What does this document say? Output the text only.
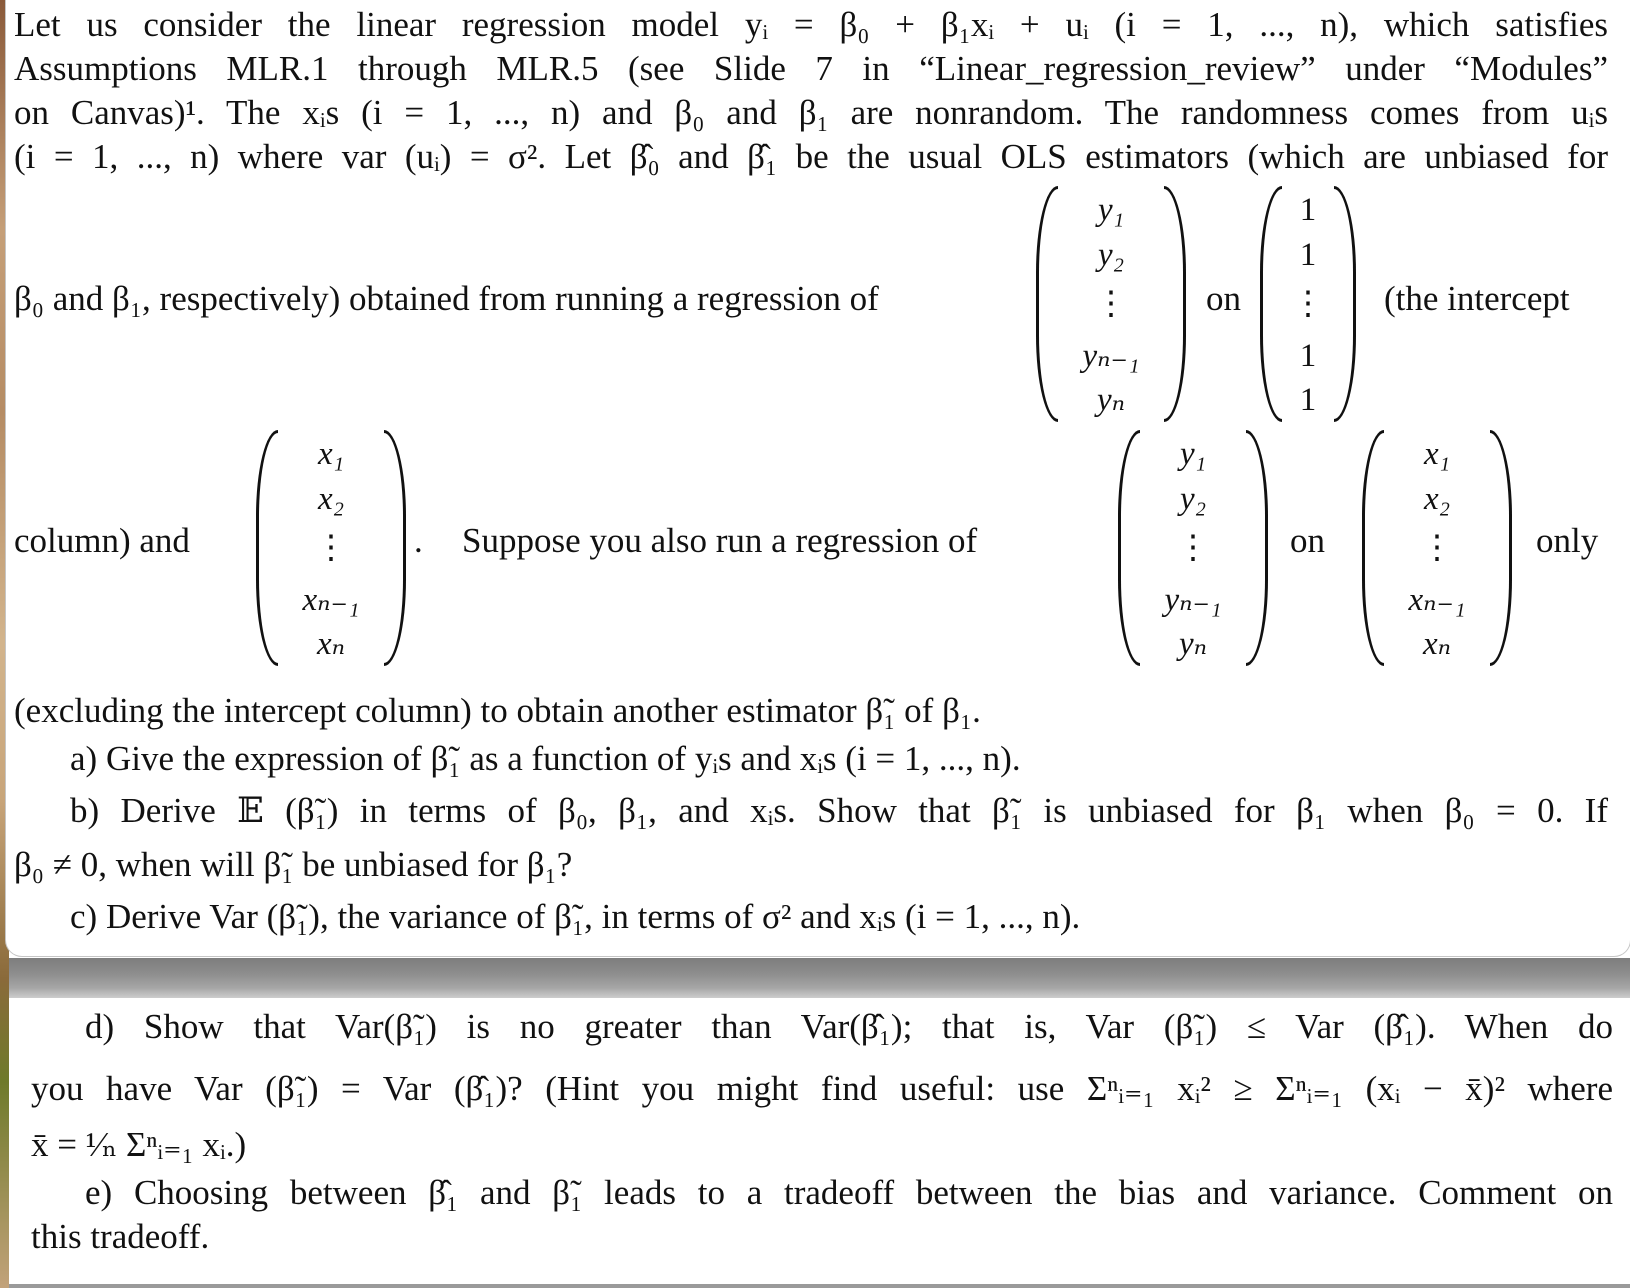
Let us consider the linear regression model yᵢ = β₀ + β₁xᵢ + uᵢ (i = 1, ..., n), which satisfies
Assumptions MLR.1 through MLR.5 (see Slide 7 in “Linear_regression_review” under “Modules”
on Canvas)¹. The xᵢs (i = 1, ..., n) and β₀ and β₁ are nonrandom. The randomness comes from uᵢs
(i = 1, ..., n) where var (uᵢ) = σ². Let β̂₀ and β̂₁ be the usual OLS estimators (which are unbiased for
β₀ and β₁, respectively) obtained from running a regression of
y₁
y₂
⋮
yₙ₋₁
yₙ
on
1
1
⋮
1
1
(the intercept
column) and
x₁
x₂
⋮
xₙ₋₁
xₙ
. Suppose you also run a regression of
y₁
y₂
⋮
yₙ₋₁
yₙ
on
x₁
x₂
⋮
xₙ₋₁
xₙ
only
(excluding the intercept column) to obtain another estimator β̃₁ of β₁.
a) Give the expression of β̃₁ as a function of yᵢs and xᵢs (i = 1, ..., n).
b) Derive 𝔼 (β̃₁) in terms of β₀, β₁, and xᵢs. Show that β̃₁ is unbiased for β₁ when β₀ = 0. If
β₀ ≠ 0, when will β̃₁ be unbiased for β₁?
c) Derive Var (β̃₁), the variance of β̃₁, in terms of σ² and xᵢs (i = 1, ..., n).
d) Show that Var(β̃₁) is no greater than Var(β̂₁); that is, Var (β̃₁) ≤ Var (β̂₁). When do
you have Var (β̃₁) = Var (β̂₁)? (Hint you might find useful: use Σⁿᵢ₌₁ xᵢ² ≥ Σⁿᵢ₌₁ (xᵢ − x̄)² where
x̄ = ¹⁄ₙ Σⁿᵢ₌₁ xᵢ.)
e) Choosing between β̂₁ and β̃₁ leads to a tradeoff between the bias and variance. Comment on
this tradeoff.
